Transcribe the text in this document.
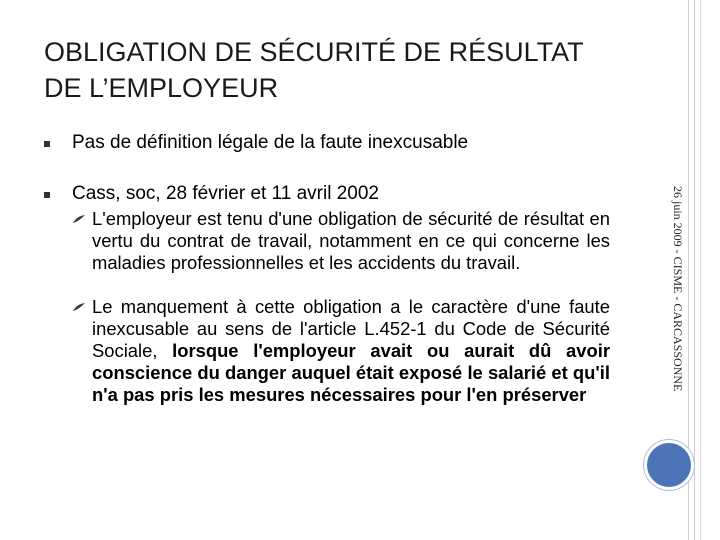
OBLIGATION DE SÉCURITÉ DE RÉSULTAT DE L’EMPLOYEUR
Pas de définition légale de la faute inexcusable
Cass, soc, 28 février et 11 avril 2002
L'employeur est tenu d'une obligation de sécurité de résultat en vertu du contrat de travail, notamment en ce qui concerne les maladies professionnelles et les accidents du travail.
Le manquement à cette obligation a le caractère d'une faute inexcusable au sens de l'article L.452-1 du Code de Sécurité Sociale, lorsque l'employeur avait ou aurait dû avoir conscience du danger auquel était exposé le salarié et qu'il n'a pas pris les mesures nécessaires pour l'en préserver
26 juin 2009 - CISME - CARCASSONNE
